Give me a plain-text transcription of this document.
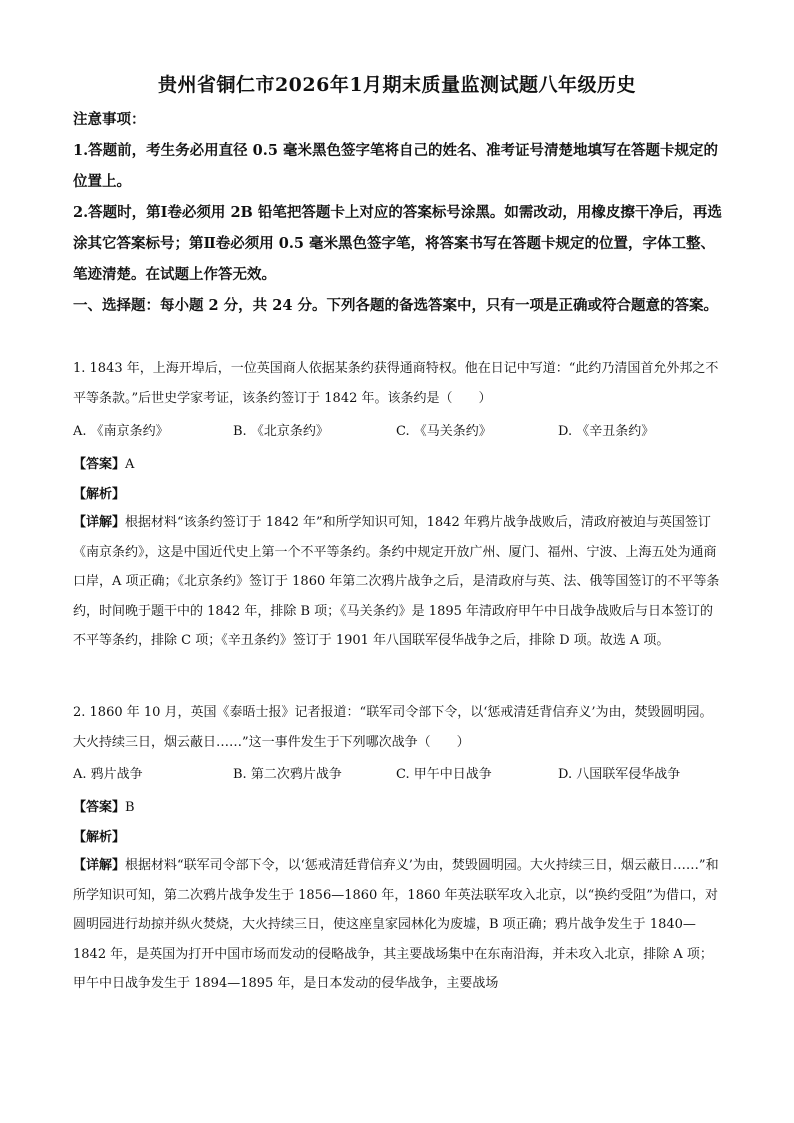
贵州省铜仁市2026年1月期末质量监测试题八年级历史
注意事项：
1.答题前，考生务必用直径 0.5 毫米黑色签字笔将自己的姓名、准考证号清楚地填写在答题卡规定的位置上。
2.答题时，第Ⅰ卷必须用 2B 铅笔把答题卡上对应的答案标号涂黑。如需改动，用橡皮擦干净后，再选涂其它答案标号；第Ⅱ卷必须用 0.5 毫米黑色签字笔，将答案书写在答题卡规定的位置，字体工整、笔迹清楚。在试题上作答无效。
一、选择题：每小题 2 分，共 24 分。下列各题的备选答案中，只有一项是正确或符合题意的答案。
1. 1843 年，上海开埠后，一位英国商人依据某条约获得通商特权。他在日记中写道：“此约乃清国首允外邦之不平等条款。”后世史学家考证，该条约签订于 1842 年。该条约是（　　）
A. 《南京条约》	B. 《北京条约》	C. 《马关条约》	D. 《辛丑条约》
【答案】A
【解析】
【详解】根据材料“该条约签订于 1842 年”和所学知识可知，1842 年鸦片战争战败后，清政府被迫与英国签订《南京条约》，这是中国近代史上第一个不平等条约。条约中规定开放广州、厦门、福州、宁波、上海五处为通商口岸，A 项正确；《北京条约》签订于 1860 年第二次鸦片战争之后，是清政府与英、法、俄等国签订的不平等条约，时间晚于题干中的 1842 年，排除 B 项；《马关条约》是 1895 年清政府甲午中日战争战败后与日本签订的不平等条约，排除 C 项；《辛丑条约》签订于 1901 年八国联军侵华战争之后，排除 D 项。故选 A 项。
2. 1860 年 10 月，英国《泰晤士报》记者报道：“联军司令部下令，以‘惩戒清廷背信弃义’为由，焚毁圆明园。大火持续三日，烟云蔽日……”这一事件发生于下列哪次战争（　　）
A. 鸦片战争	B. 第二次鸦片战争	C. 甲午中日战争	D. 八国联军侵华战争
【答案】B
【解析】
【详解】根据材料“联军司令部下令，以‘惩戒清廷背信弃义’为由，焚毁圆明园。大火持续三日，烟云蔽日……”和所学知识可知，第二次鸦片战争发生于 1856—1860 年，1860 年英法联军攻入北京，以“换约受阻”为借口，对圆明园进行劫掠并纵火焚烧，大火持续三日，使这座皇家园林化为废墟，B 项正确；鸦片战争发生于 1840—1842 年，是英国为打开中国市场而发动的侵略战争，其主要战场集中在东南沿海，并未攻入北京，排除 A 项；甲午中日战争发生于 1894—1895 年，是日本发动的侵华战争，主要战场
